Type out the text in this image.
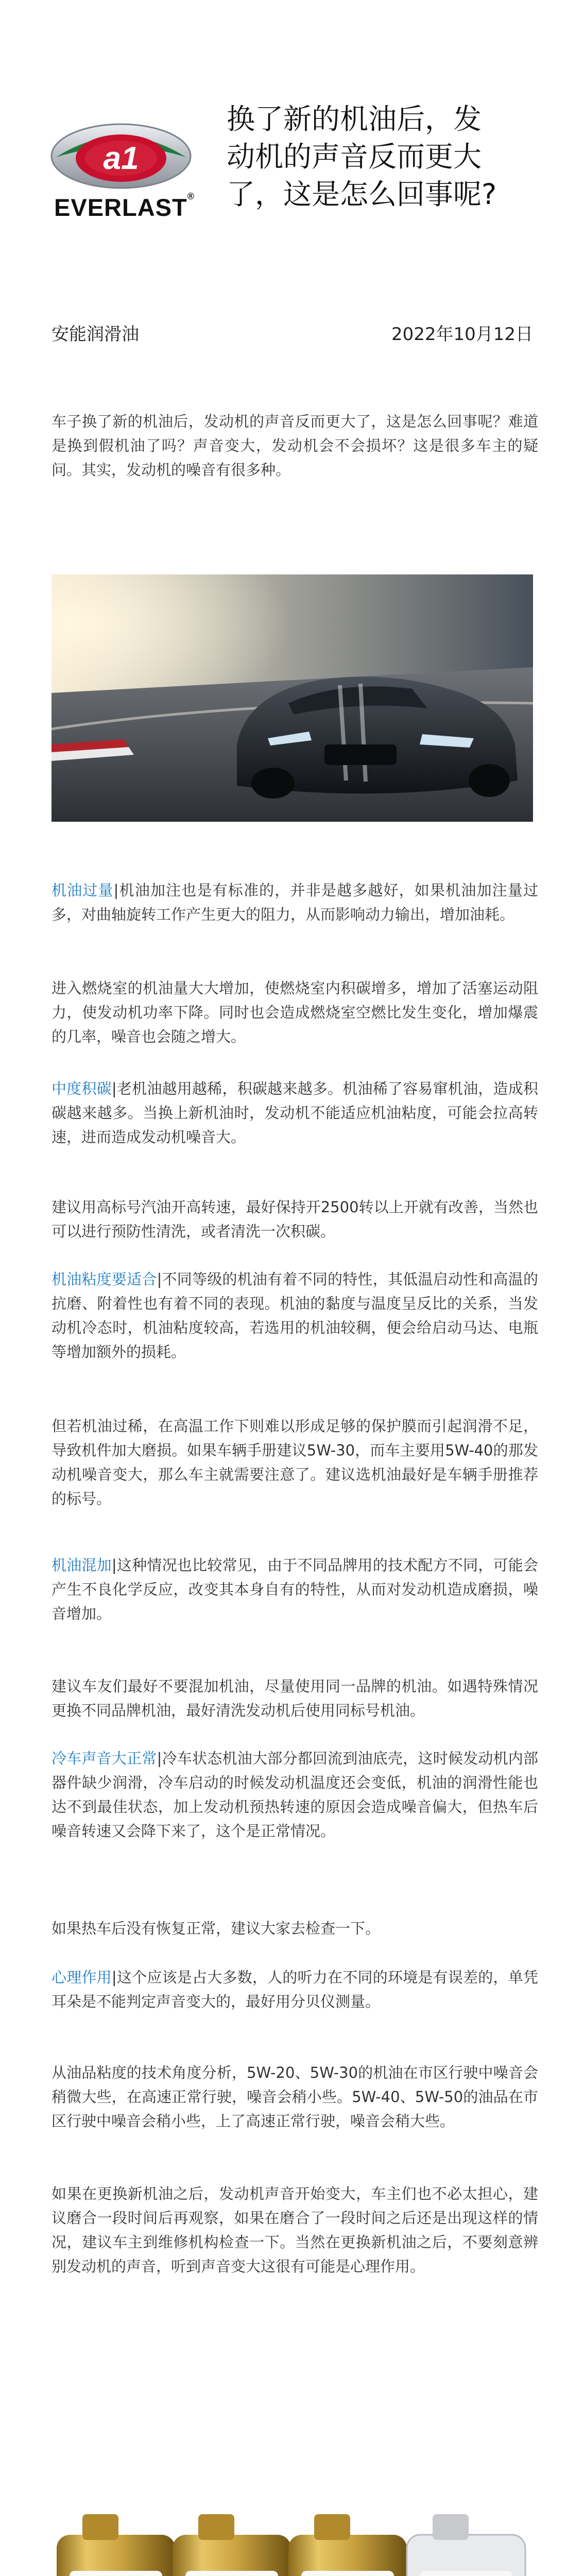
a1
EVERLAST®
换了新的机油后，发
动机的声音反而更大
了，这是怎么回事呢?
安能润滑油	2022年10月12日

车子换了新的机油后，发动机的声音反而更大了，这是怎么回事呢？难道是换到假机油了吗？声音变大，发动机会不会损坏？这是很多车主的疑问。其实，发动机的噪音有很多种。

机油过量|机油加注也是有标准的，并非是越多越好，如果机油加注量过多，对曲轴旋转工作产生更大的阻力，从而影响动力输出，增加油耗。

进入燃烧室的机油量大大增加，使燃烧室内积碳增多，增加了活塞运动阻力，使发动机功率下降。同时也会造成燃烧室空燃比发生变化，增加爆震的几率，噪音也会随之增大。

中度积碳|老机油越用越稀，积碳越来越多。机油稀了容易窜机油，造成积碳越来越多。当换上新机油时，发动机不能适应机油粘度，可能会拉高转速，进而造成发动机噪音大。

建议用高标号汽油开高转速，最好保持开2500转以上开就有改善，当然也可以进行预防性清洗，或者清洗一次积碳。

机油粘度要适合|不同等级的机油有着不同的特性，其低温启动性和高温的抗磨、附着性也有着不同的表现。机油的黏度与温度呈反比的关系，当发动机冷态时，机油粘度较高，若选用的机油较稠，便会给启动马达、电瓶等增加额外的损耗。

但若机油过稀，在高温工作下则难以形成足够的保护膜而引起润滑不足，导致机件加大磨损。如果车辆手册建议5W-30，而车主要用5W-40的那发动机噪音变大，那么车主就需要注意了。建议选机油最好是车辆手册推荐的标号。

机油混加|这种情况也比较常见，由于不同品牌用的技术配方不同，可能会产生不良化学反应，改变其本身自有的特性，从而对发动机造成磨损，噪音增加。

建议车友们最好不要混加机油，尽量使用同一品牌的机油。如遇特殊情况更换不同品牌机油，最好清洗发动机后使用同标号机油。

冷车声音大正常|冷车状态机油大部分都回流到油底壳，这时候发动机内部器件缺少润滑，冷车启动的时候发动机温度还会变低，机油的润滑性能也达不到最佳状态，加上发动机预热转速的原因会造成噪音偏大，但热车后噪音转速又会降下来了，这个是正常情况。

如果热车后没有恢复正常，建议大家去检查一下。

心理作用|这个应该是占大多数，人的听力在不同的环境是有误差的，单凭耳朵是不能判定声音变大的，最好用分贝仪测量。

从油品粘度的技术角度分析，5W-20、5W-30的机油在市区行驶中噪音会稍微大些，在高速正常行驶，噪音会稍小些。5W-40、5W-50的油品在市区行驶中噪音会稍小些，上了高速正常行驶，噪音会稍大些。

如果在更换新机油之后，发动机声音开始变大，车主们也不必太担心，建议磨合一段时间后再观察，如果在磨合了一段时间之后还是出现这样的情况，建议车主到维修机构检查一下。当然在更换新机油之后，不要刻意辨别发动机的声音，听到声音变大这很有可能是心理作用。
